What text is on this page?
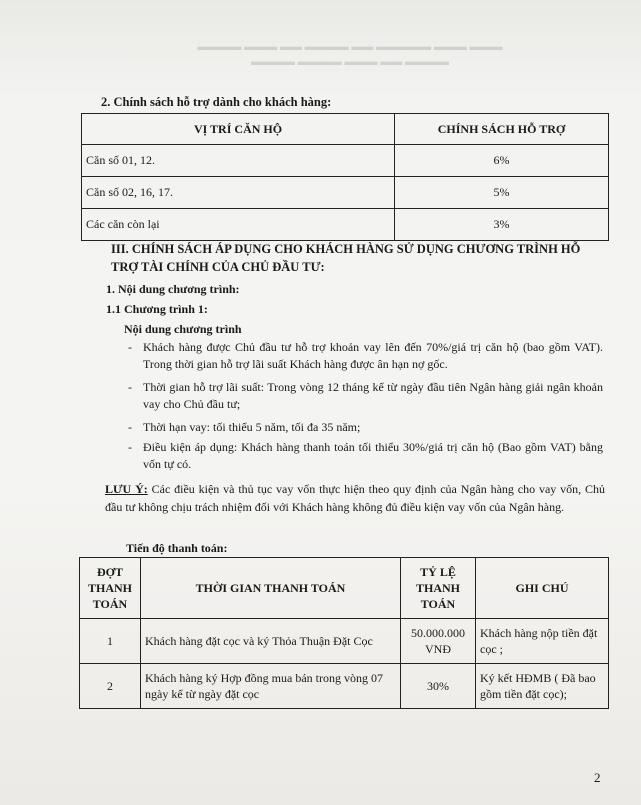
▬▬▬▬ ▬▬▬ ▬▬ ▬▬▬▬ ▬▬ ▬▬▬▬▬ ▬▬▬ ▬▬▬
▬▬▬▬ ▬▬▬▬ ▬▬▬ ▬▬ ▬▬▬▬
2. Chính sách hỗ trợ dành cho khách hàng:
VỊ TRÍ CĂN HỘ	CHÍNH SÁCH HỖ TRỢ
Căn số 01, 12.	6%
Căn số 02, 16, 17.	5%
Các căn còn lại	3%
III. CHÍNH SÁCH ÁP DỤNG CHO KHÁCH HÀNG SỬ DỤNG CHƯƠNG TRÌNH HỖ TRỢ TÀI CHÍNH CỦA CHỦ ĐẦU TƯ:
1. Nội dung chương trình:
1.1 Chương trình 1:
Nội dung chương trình
- Khách hàng được Chủ đầu tư hỗ trợ khoản vay lên đến 70%/giá trị căn hộ (bao gồm VAT). Trong thời gian hỗ trợ lãi suất Khách hàng được ân hạn nợ gốc.
- Thời gian hỗ trợ lãi suất: Trong vòng 12 tháng kể từ ngày đầu tiên Ngân hàng giải ngân khoản vay cho Chủ đầu tư;
- Thời hạn vay: tối thiểu 5 năm, tối đa 35 năm;
- Điều kiện áp dụng: Khách hàng thanh toán tối thiểu 30%/giá trị căn hộ (Bao gồm VAT) bằng vốn tự có.
LƯU Ý: Các điều kiện và thủ tục vay vốn thực hiện theo quy định của Ngân hàng cho vay vốn, Chủ đầu tư không chịu trách nhiệm đối với Khách hàng không đủ điều kiện vay vốn của Ngân hàng.
Tiến độ thanh toán:
ĐỢT THANH TOÁN	THỜI GIAN THANH TOÁN	TỶ LỆ THANH TOÁN	GHI CHÚ
1	Khách hàng đặt cọc và ký Thỏa Thuận Đặt Cọc	50.000.000 VNĐ	Khách hàng nộp tiền đặt cọc ;
2	Khách hàng ký Hợp đồng mua bán trong vòng 07 ngày kể từ ngày đặt cọc	30%	Ký kết HĐMB ( Đã bao gồm tiền đặt cọc);
2
